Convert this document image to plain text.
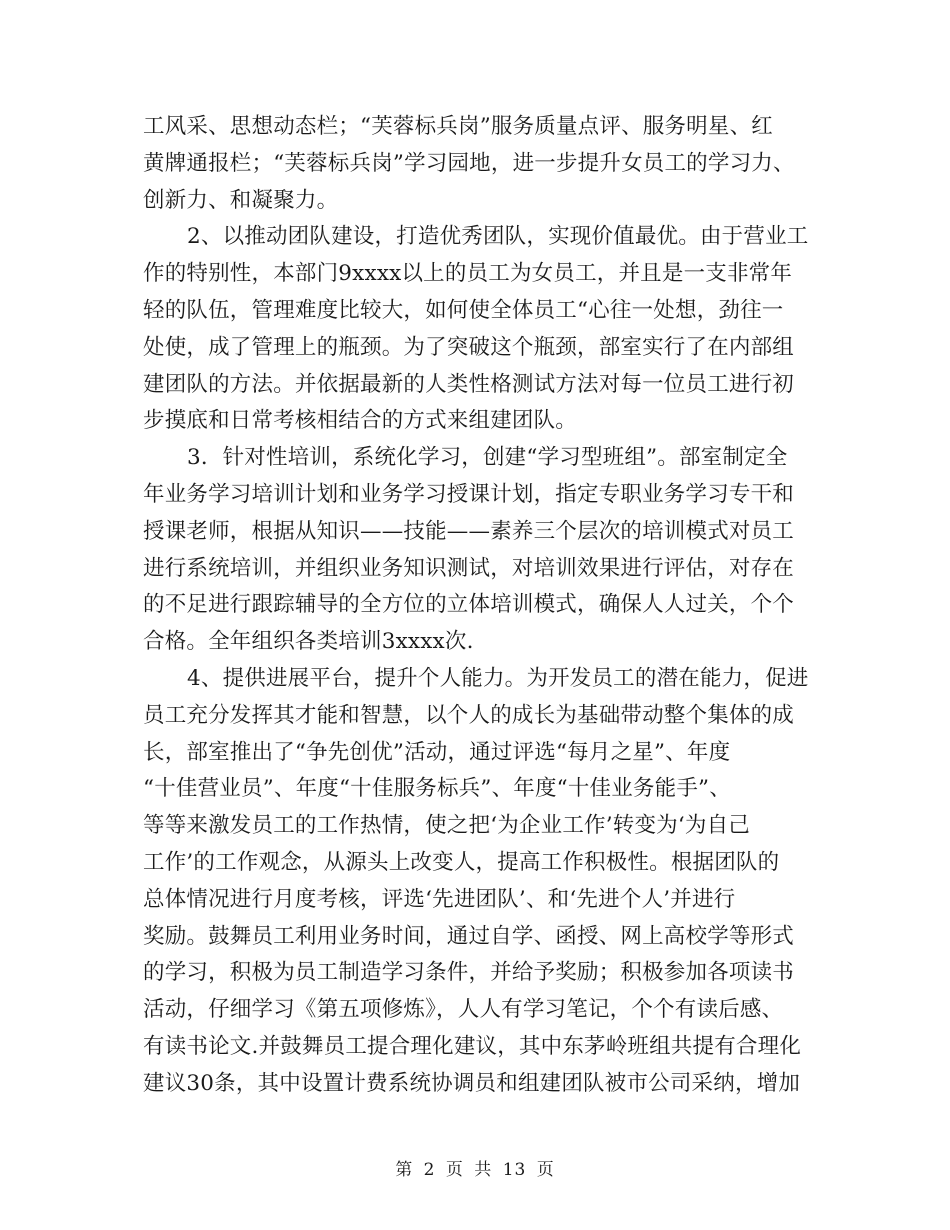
工风采、思想动态栏；“芙蓉标兵岗”服务质量点评、服务明星、红
黄牌通报栏；“芙蓉标兵岗”学习园地，进一步提升女员工的学习力、
创新力、和凝聚力。
2、以推动团队建设，打造优秀团队，实现价值最优。由于营业工
作的特别性，本部门9xxxx以上的员工为女员工，并且是一支非常年
轻的队伍，管理难度比较大，如何使全体员工“心往一处想，劲往一
处使，成了管理上的瓶颈。为了突破这个瓶颈，部室实行了在内部组
建团队的方法。并依据最新的人类性格测试方法对每一位员工进行初
步摸底和日常考核相结合的方式来组建团队。
3．针对性培训，系统化学习，创建“学习型班组”。部室制定全
年业务学习培训计划和业务学习授课计划，指定专职业务学习专干和
授课老师，根据从知识——技能——素养三个层次的培训模式对员工
进行系统培训，并组织业务知识测试，对培训效果进行评估，对存在
的不足进行跟踪辅导的全方位的立体培训模式，确保人人过关，个个
合格。全年组织各类培训3xxxx次.
4、提供进展平台，提升个人能力。为开发员工的潜在能力，促进
员工充分发挥其才能和智慧，以个人的成长为基础带动整个集体的成
长，部室推出了“争先创优”活动，通过评选“每月之星”、年度
“十佳营业员”、年度“十佳服务标兵”、年度“十佳业务能手”、
等等来激发员工的工作热情，使之把‘为企业工作’转变为‘为自己
工作’的工作观念，从源头上改变人，提高工作积极性。根据团队的
总体情况进行月度考核，评选‘先进团队’、和‘先进个人’并进行
奖励。鼓舞员工利用业务时间，通过自学、函授、网上高校学等形式
的学习，积极为员工制造学习条件，并给予奖励；积极参加各项读书
活动，仔细学习《第五项修炼》，人人有学习笔记，个个有读后感、
有读书论文.并鼓舞员工提合理化建议，其中东茅岭班组共提有合理化
建议30条，其中设置计费系统协调员和组建团队被市公司采纳，增加
第 2 页 共 13 页
